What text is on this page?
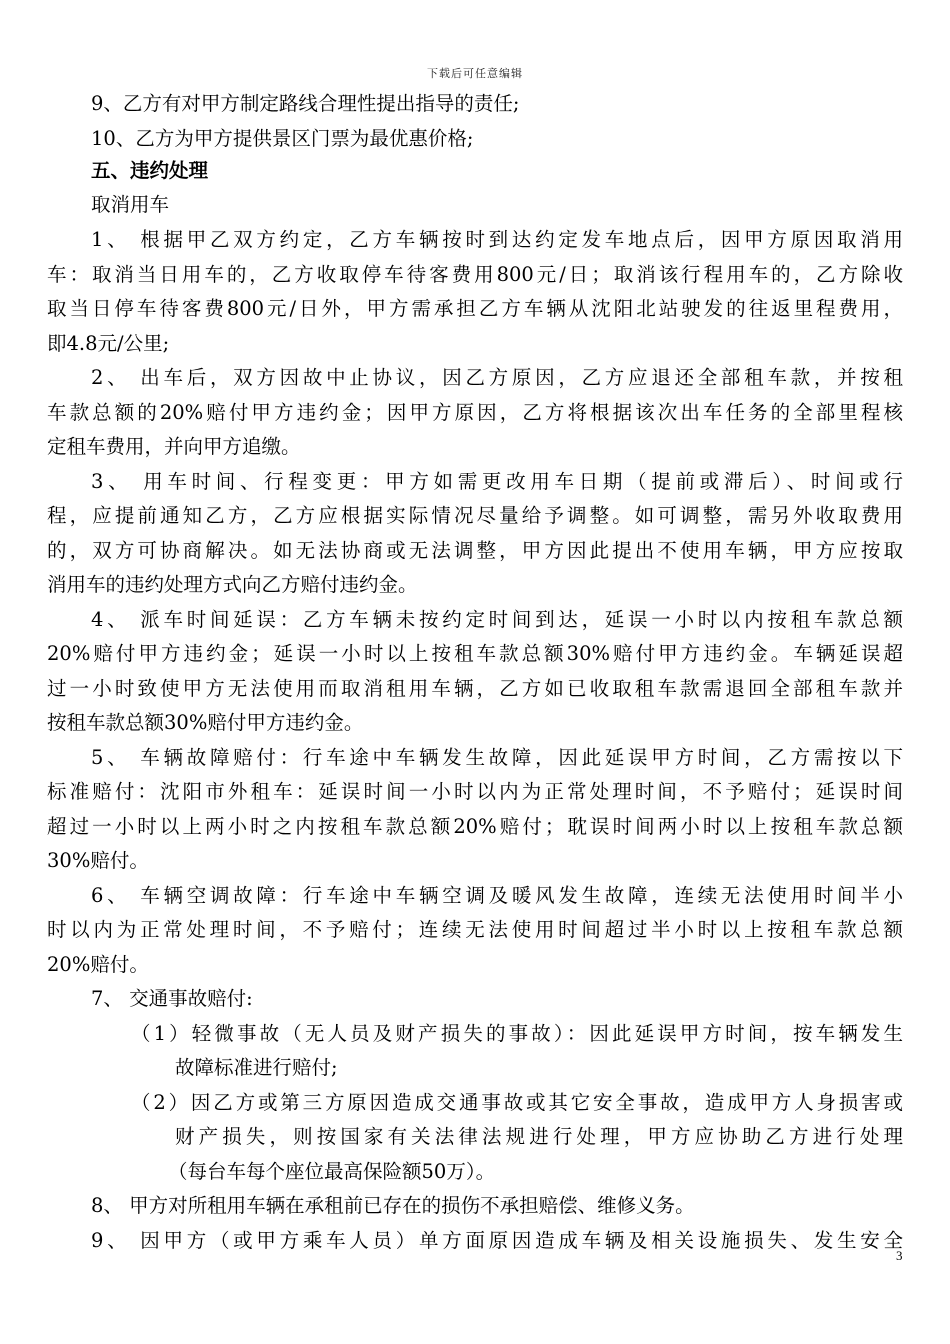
下载后可任意编辑
9、乙方有对甲方制定路线合理性提出指导的责任;
10、乙方为甲方提供景区门票为最优惠价格;
五、违约处理
取消用车
1、 根据甲乙双方约定，乙方车辆按时到达约定发车地点后，因甲方原因取消用
车：取消当日用车的，乙方收取停车待客费用800元/日；取消该行程用车的，乙方除收
取当日停车待客费800元/日外，甲方需承担乙方车辆从沈阳北站驶发的往返里程费用，
即4.8元/公里;
2、 出车后，双方因故中止协议，因乙方原因，乙方应退还全部租车款，并按租
车款总额的20%赔付甲方违约金；因甲方原因，乙方将根据该次出车任务的全部里程核
定租车费用，并向甲方追缴。
3、 用车时间、行程变更：甲方如需更改用车日期（提前或滞后）、时间或行
程，应提前通知乙方，乙方应根据实际情况尽量给予调整。如可调整，需另外收取费用
的，双方可协商解决。如无法协商或无法调整，甲方因此提出不使用车辆，甲方应按取
消用车的违约处理方式向乙方赔付违约金。
4、 派车时间延误：乙方车辆未按约定时间到达，延误一小时以内按租车款总额
20%赔付甲方违约金；延误一小时以上按租车款总额30%赔付甲方违约金。车辆延误超
过一小时致使甲方无法使用而取消租用车辆，乙方如已收取租车款需退回全部租车款并
按租车款总额30%赔付甲方违约金。
5、 车辆故障赔付：行车途中车辆发生故障，因此延误甲方时间，乙方需按以下
标准赔付：沈阳市外租车：延误时间一小时以内为正常处理时间，不予赔付；延误时间
超过一小时以上两小时之内按租车款总额20%赔付；耽误时间两小时以上按租车款总额
30%赔付。
6、 车辆空调故障：行车途中车辆空调及暖风发生故障，连续无法使用时间半小
时以内为正常处理时间，不予赔付；连续无法使用时间超过半小时以上按租车款总额
20%赔付。
7、 交通事故赔付:
（1）轻微事故（无人员及财产损失的事故）：因此延误甲方时间，按车辆发生
故障标准进行赔付;
（2）因乙方或第三方原因造成交通事故或其它安全事故，造成甲方人身损害或
财产损失，则按国家有关法律法规进行处理，甲方应协助乙方进行处理
（每台车每个座位最高保险额50万）。
8、 甲方对所租用车辆在承租前已存在的损伤不承担赔偿、维修义务。
9、 因甲方（或甲方乘车人员）单方面原因造成车辆及相关设施损失、发生安全
3
